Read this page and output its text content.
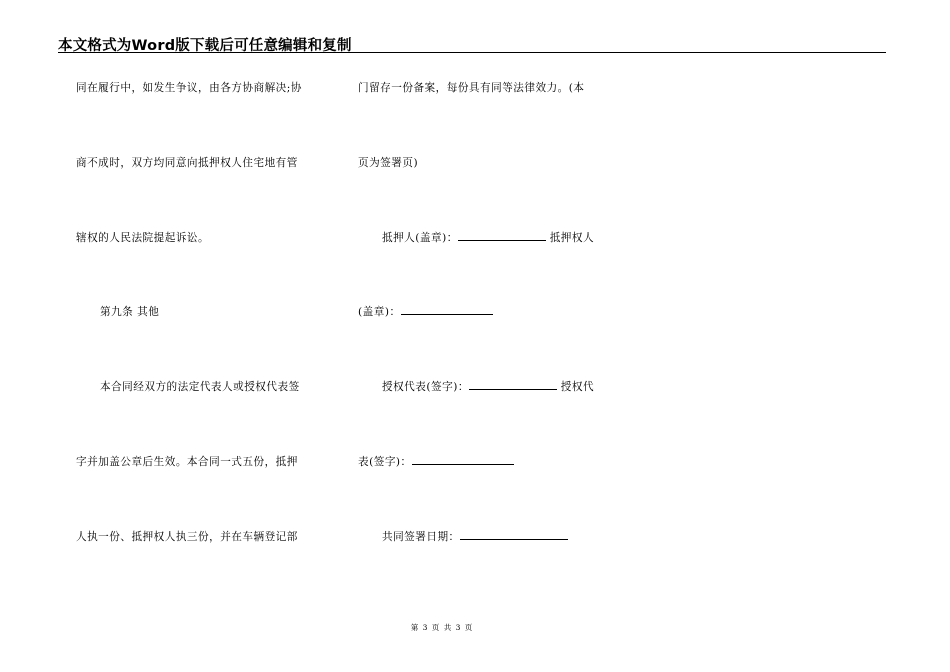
本文格式为Word版下载后可任意编辑和复制
同在履行中，如发生争议，由各方协商解决;协
商不成时，双方均同意向抵押权人住宅地有管
辖权的人民法院提起诉讼。
第九条 其他
本合同经双方的法定代表人或授权代表签
字并加盖公章后生效。本合同一式五份，抵押
人执一份、抵押权人执三份，并在车辆登记部
门留存一份备案，每份具有同等法律效力。(本
页为签署页)
抵押人(盖章)：	抵押权人
(盖章)：
授权代表(签字)：	授权代
表(签字)：
共同签署日期：
第 3 页 共 3 页
